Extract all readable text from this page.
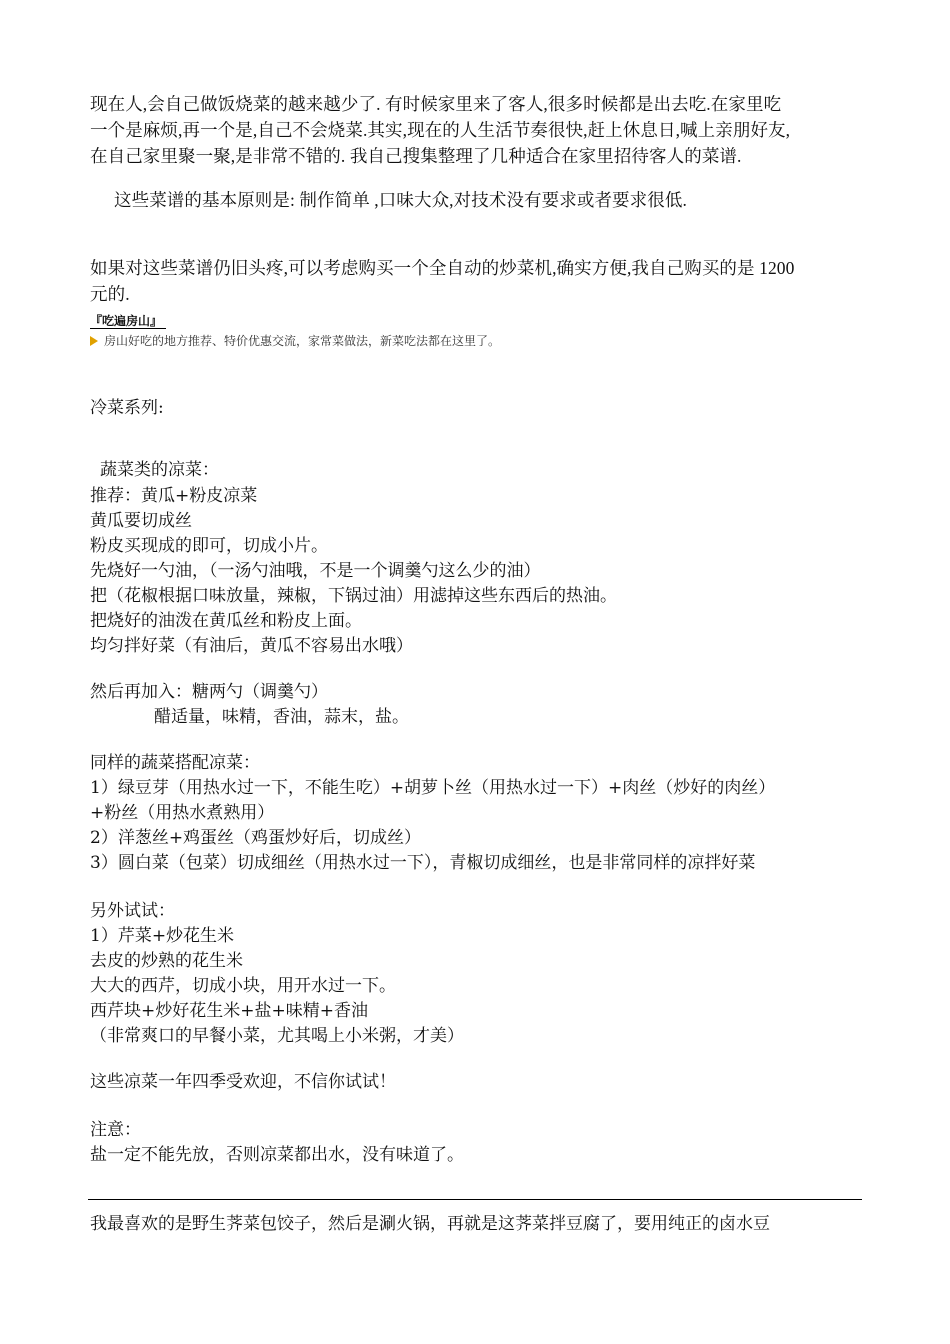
现在人,会自己做饭烧菜的越来越少了. 有时候家里来了客人,很多时候都是出去吃.在家里吃
一个是麻烦,再一个是,自己不会烧菜.其实,现在的人生活节奏很快,赶上休息日,喊上亲朋好友,
在自己家里聚一聚,是非常不错的. 我自己搜集整理了几种适合在家里招待客人的菜谱.
这些菜谱的基本原则是: 制作简单 ,口味大众,对技术没有要求或者要求很低.
如果对这些菜谱仍旧头疼,可以考虑购买一个全自动的炒菜机,确实方便,我自己购买的是 1200
元的.
『吃遍房山』
房山好吃的地方推荐、特价优惠交流，家常菜做法，新菜吃法都在这里了。
冷菜系列:
蔬菜类的凉菜：
推荐：黄瓜+粉皮凉菜
黄瓜要切成丝
粉皮买现成的即可，切成小片。
先烧好一勺油，（一汤勺油哦，不是一个调羹勺这么少的油）
把（花椒根据口味放量，辣椒，下锅过油）用滤掉这些东西后的热油。
把烧好的油泼在黄瓜丝和粉皮上面。
均匀拌好菜（有油后，黄瓜不容易出水哦）
然后再加入：糖两勺（调羹勺）
醋适量，味精，香油，蒜末，盐。
同样的蔬菜搭配凉菜：
1）绿豆芽（用热水过一下，不能生吃）+胡萝卜丝（用热水过一下）+肉丝（炒好的肉丝）
+粉丝（用热水煮熟用）
2）洋葱丝+鸡蛋丝（鸡蛋炒好后，切成丝）
3）圆白菜（包菜）切成细丝（用热水过一下），青椒切成细丝，也是非常同样的凉拌好菜
另外试试：
1）芹菜+炒花生米
去皮的炒熟的花生米
大大的西芹，切成小块，用开水过一下。
西芹块+炒好花生米+盐+味精+香油
（非常爽口的早餐小菜，尤其喝上小米粥，才美）
这些凉菜一年四季受欢迎，不信你试试！
注意：
盐一定不能先放，否则凉菜都出水，没有味道了。
我最喜欢的是野生荠菜包饺子，然后是涮火锅，再就是这荠菜拌豆腐了，要用纯正的卤水豆
